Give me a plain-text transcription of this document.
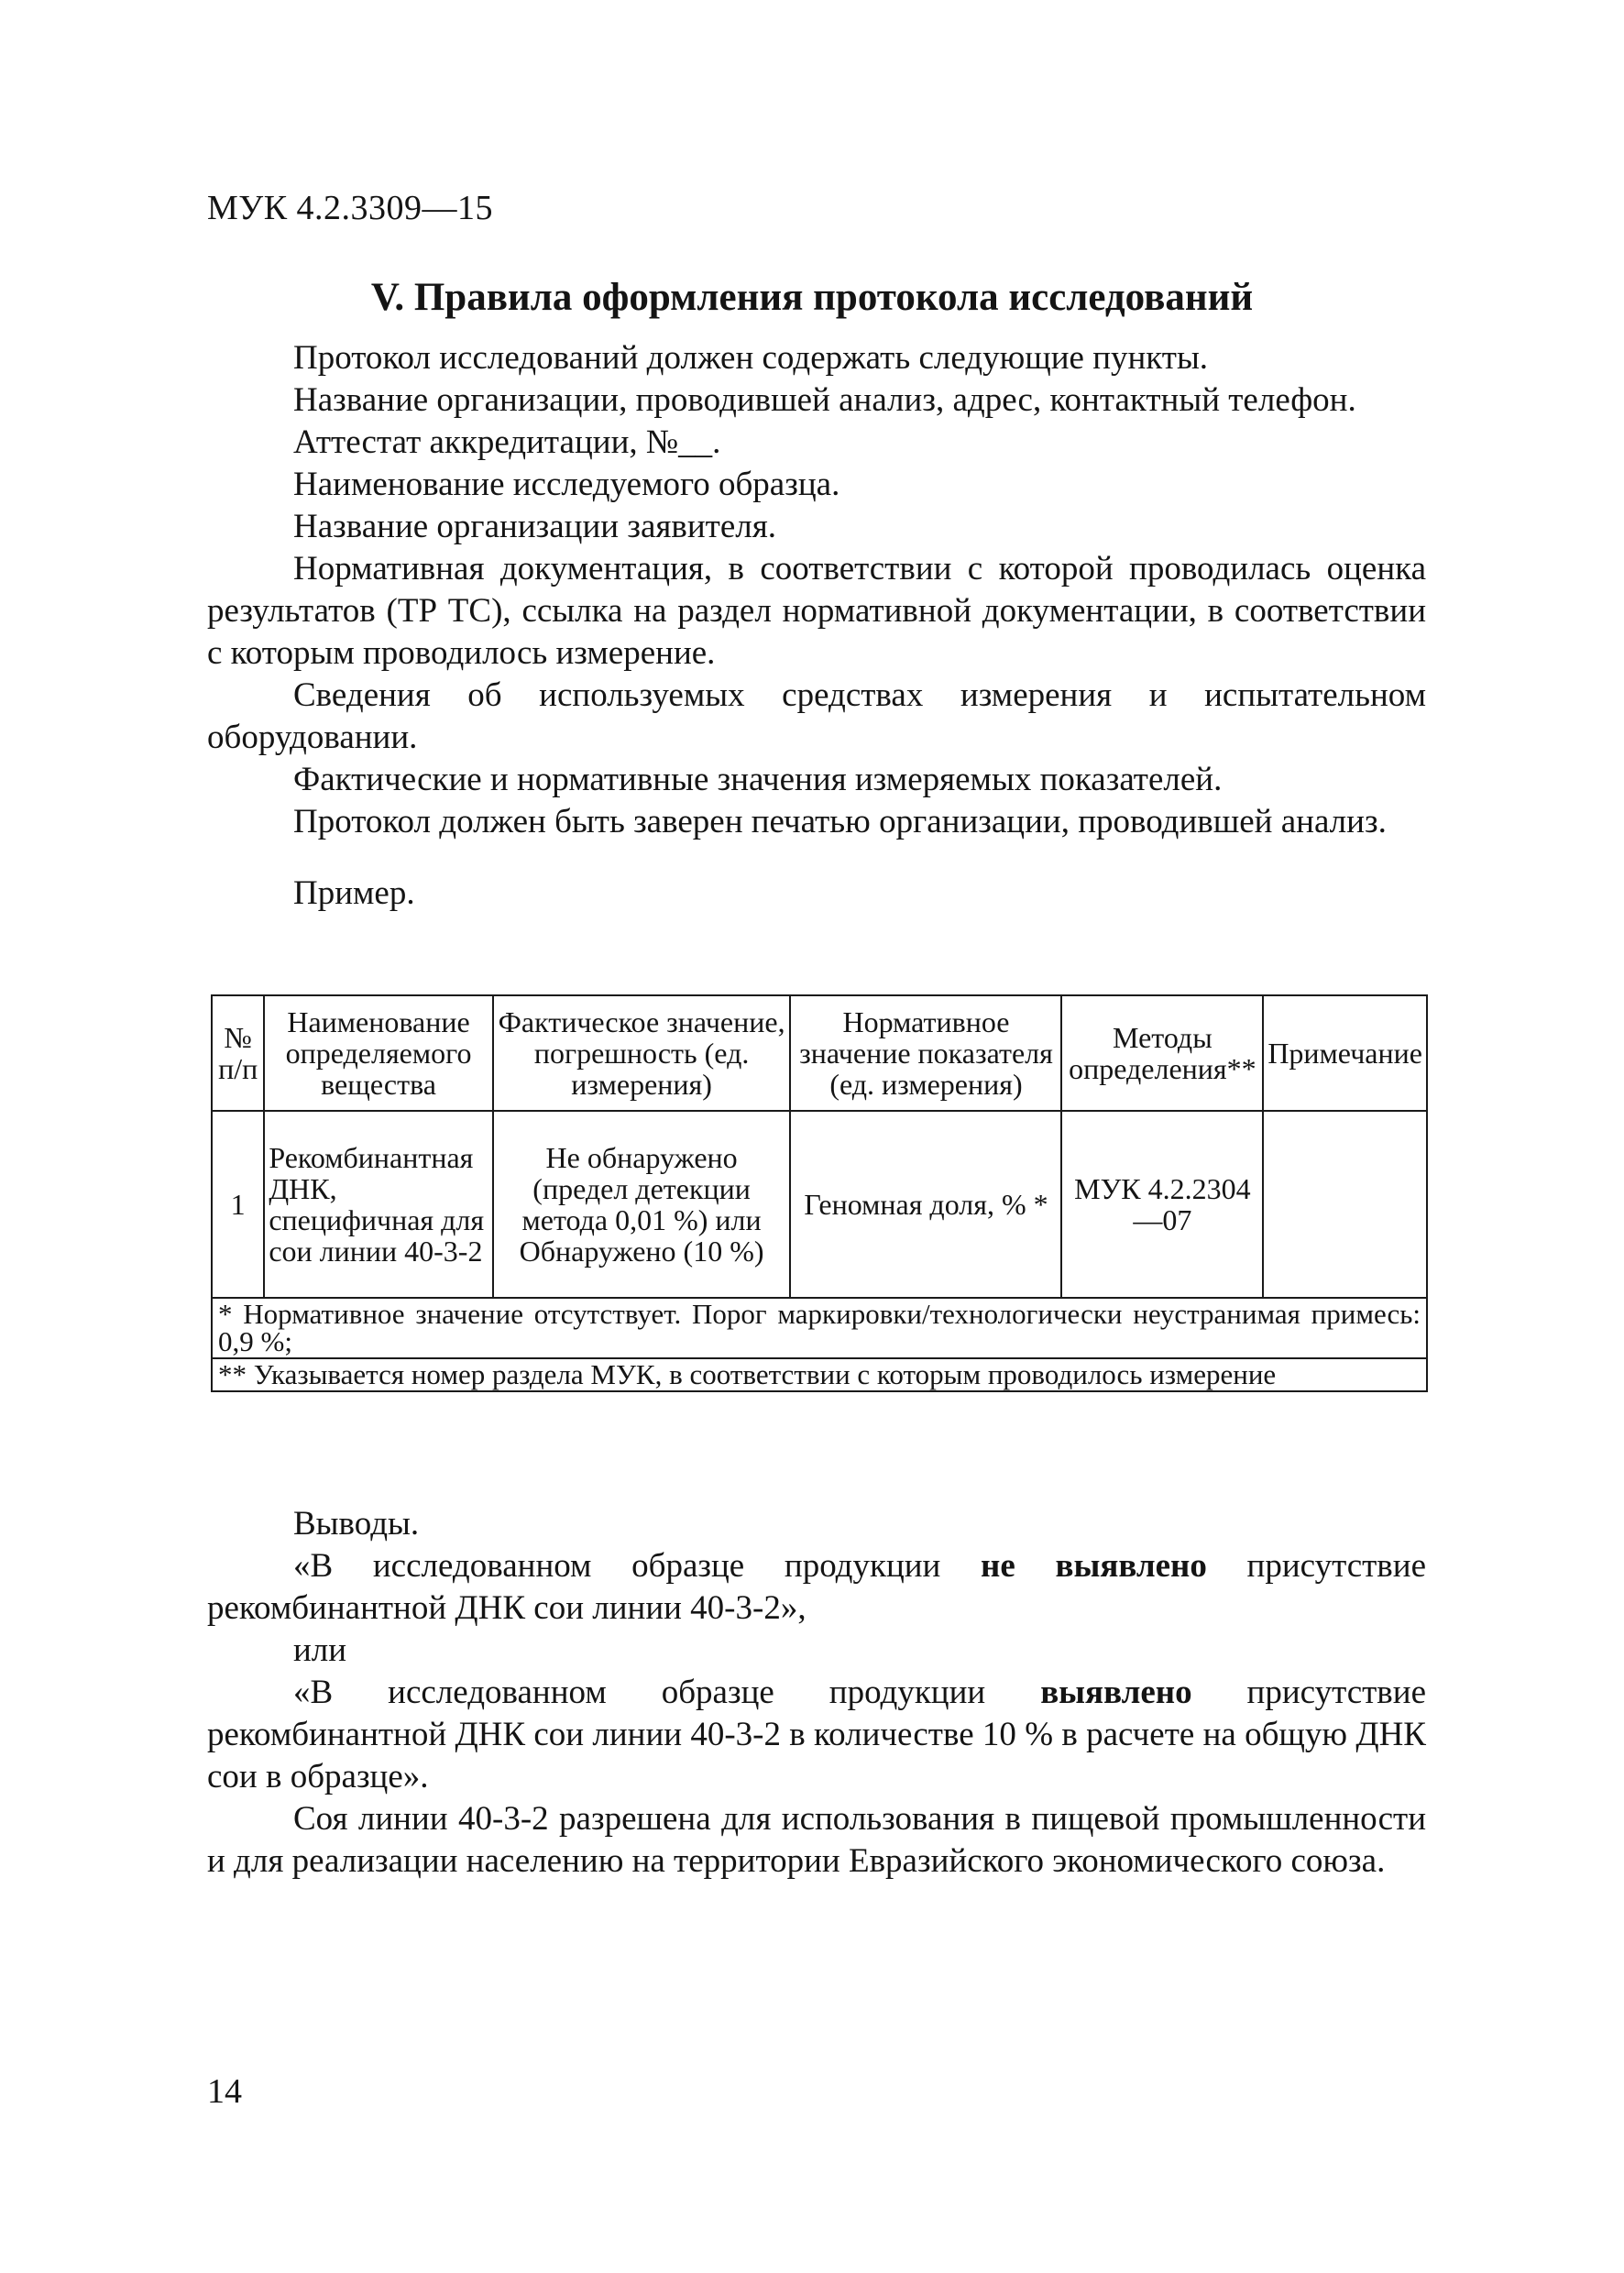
МУК 4.2.3309—15
V. Правила оформления протокола исследований

Протокол исследований должен содержать следующие пункты.

Название организации, проводившей анализ, адрес, контактный телефон.

Аттестат аккредитации, №__.

Наименование исследуемого образца.

Название организации заявителя.

Нормативная документация, в соответствии с которой проводилась оценка результатов (ТР ТС), ссылка на раздел нормативной документации, в соответствии с которым проводилось измерение.

Сведения об используемых средствах измерения и испытательном оборудовании.

Фактические и нормативные значения измеряемых показателей.

Протокол должен быть заверен печатью организации, проводившей анализ.

Пример.

№ п/п	Наименование определяемого вещества	Фактическое значение, погрешность (ед. измерения)	Нормативное значение показателя (ед. измерения)	Методы определения**	Примечание
1	Рекомбинантная ДНК, специфичная для сои линии 40-3-2	Не обнаружено (предел детекции метода 0,01 %) или Обнаружено (10 %)	Геномная доля, % *	МУК 4.2.2304—07	
* Нормативное значение отсутствует. Порог маркировки/технологически неустранимая примесь: 0,9 %;					
** Указывается номер раздела МУК, в соответствии с которым проводилось измерение					

Выводы.

«В исследованном образце продукции не выявлено присутствие рекомбинантной ДНК сои линии 40-3-2»,

или

«В исследованном образце продукции выявлено присутствие рекомбинантной ДНК сои линии 40-3-2 в количестве 10 % в расчете на общую ДНК сои в образце».

Соя линии 40-3-2 разрешена для использования в пищевой промышленности и для реализации населению на территории Евразийского экономического союза.

14
